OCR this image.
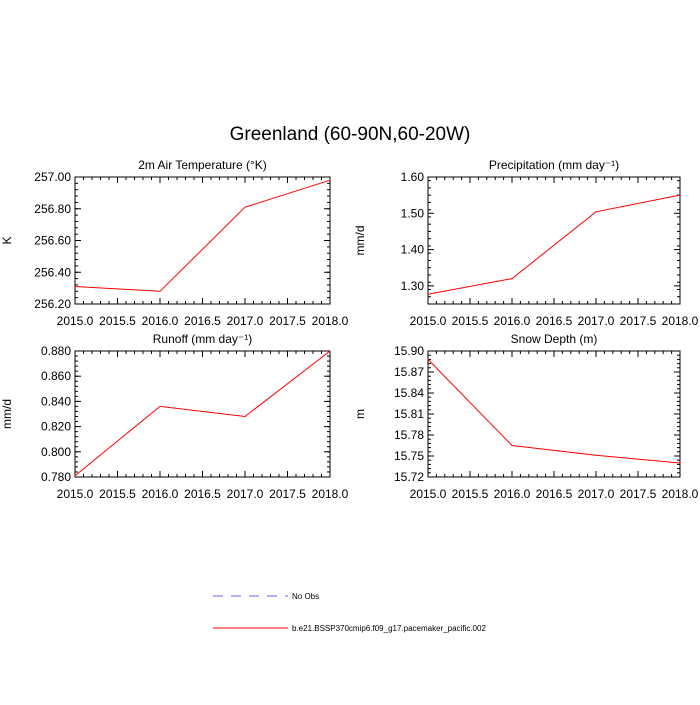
Greenland (60-90N,60-20W)
No Obs
b.e21.BSSP370cmip6.f09_g17.pacemaker_pacific.002
2m Air Temperature (°K)
K
2015.0 2015.5 2016.0 2016.5 2017.0 2017.5 2018.0
256.20
256.40
256.60
256.80
257.00
Precipitation (mm day⁻¹)
mm/d
2015.0 2015.5 2016.0 2016.5 2017.0 2017.5 2018.0
1.30
1.40
1.50
1.60
Runoff (mm day⁻¹)
mm/d
2015.0 2015.5 2016.0 2016.5 2017.0 2017.5 2018.0
0.780
0.800
0.820
0.840
0.860
0.880
Snow Depth (m)
m
2015.0 2015.5 2016.0 2016.5 2017.0 2017.5 2018.0
15.72
15.75
15.78
15.81
15.84
15.87
15.90
